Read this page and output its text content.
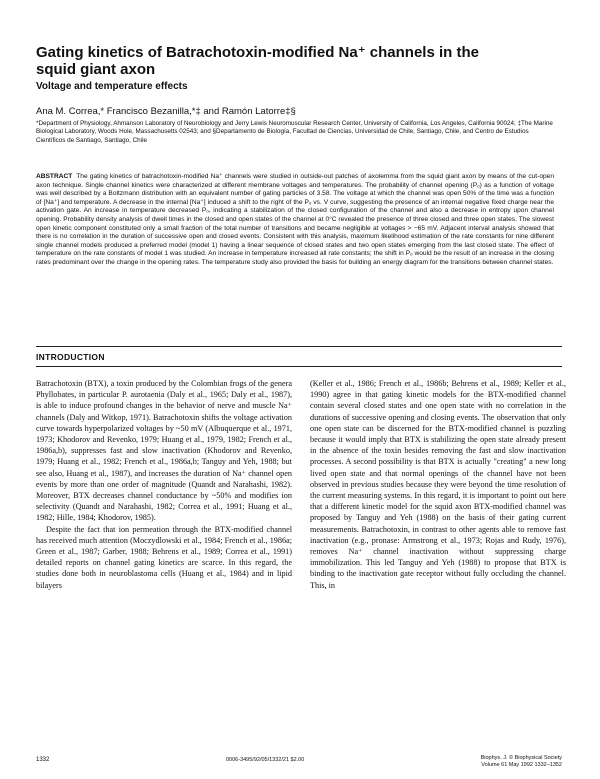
Gating kinetics of Batrachotoxin-modified Na⁺ channels in the squid giant axon
Voltage and temperature effects
Ana M. Correa,* Francisco Bezanilla,*‡ and Ramón Latorre‡§
*Department of Physiology, Ahmanson Laboratory of Neurobiology and Jerry Lewis Neuromuscular Research Center, University of California, Los Angeles, California 90024; ‡The Marine Biological Laboratory, Woods Hole, Massachusetts 02543; and §Departamento de Biología, Facultad de Ciencias, Universidad de Chile, Santiago, Chile, and Centro de Estudios Científicos de Santiago, Santiago, Chile
ABSTRACT The gating kinetics of batrachotoxin-modified Na⁺ channels were studied in outside-out patches of axolemma from the squid giant axon by means of the cut-open axon technique. Single channel kinetics were characterized at different membrane voltages and temperatures. The probability of channel opening (Pₒ) as a function of voltage was well described by a Boltzmann distribution with an equivalent number of gating particles of 3.58. The voltage at which the channel was open 50% of the time was a function of [Na⁺] and temperature. A decrease in the internal [Na⁺] induced a shift to the right of the Pₒ vs. V curve, suggesting the presence of an internal negative fixed charge near the activation gate. An increase in temperature decreased Pₒ, indicating a stabilization of the closed configuration of the channel and also a decrease in entropy upon channel opening. Probability density analysis of dwell times in the closed and open states of the channel at 0°C revealed the presence of three closed and three open states. The slowest open kinetic component constituted only a small fraction of the total number of transitions and became negligible at voltages > −65 mV. Adjacent interval analysis showed that there is no correlation in the duration of successive open and closed events. Consistent with this analysis, maximum likelihood estimation of the rate constants for nine different single channel models produced a preferred model (model 1) having a linear sequence of closed states and two open states emerging from the last closed state. The effect of temperature on the rate constants of model 1 was studied. An increase in temperature increased all rate constants; the shift in Pₒ would be the result of an increase in the closing rates predominant over the change in the opening rates. The temperature study also provided the basis for building an energy diagram for the transitions between channel states.
INTRODUCTION

Batrachotoxin (BTX), a toxin produced by the Colombian frogs of the genera Phyllobates, in particular P. aurotaenia (Daly et al., 1965; Daly et al., 1987), is able to induce profound changes in the behavior of nerve and muscle Na⁺ channels (Daly and Witkop, 1971). Batrachotoxin shifts the voltage activation curve towards hyperpolarized voltages by ~50 mV (Albuquerque et al., 1971, 1973; Khodorov and Revenko, 1979; Huang et al., 1979, 1982; French et al., 1986a,b), suppresses fast and slow inactivation (Khodorov and Revenko, 1979; Huang et al., 1982; French et al., 1986a,b; Tanguy and Yeh, 1988; but see also, Huang et al., 1987), and increases the duration of Na⁺ channel open events by more than one order of magnitude (Quandt and Narahashi, 1982). Moreover, BTX decreases channel conductance by ~50% and modifies ion selectivity (Quandt and Narahashi, 1982; Correa et al., 1991; Huang et al., 1982; Hille, 1984; Khodorov, 1985).

Despite the fact that ion permeation through the BTX-modified channel has received much attention (Moczydlowski et al., 1984; French et al., 1986a; Green et al., 1987; Garber, 1988; Behrens et al., 1989; Correa et al., 1991) detailed reports on channel gating kinetics are scarce. In this regard, the studies done both in neuroblastoma cells (Huang et al., 1984) and in lipid bilayers

(Keller et al., 1986; French et al., 1986b; Behrens et al., 1989; Keller et al., 1990) agree in that gating kinetic models for the BTX-modified channel contain several closed states and one open state with no correlation in the durations of successive opening and closing events. The observation that only one open state can be discerned for the BTX-modified channel is puzzling because it would imply that BTX is stabilizing the open state already present in the absence of the toxin besides removing the fast and slow inactivation processes. A second possibility is that BTX is actually "creating" a new long lived open state and that normal openings of the channel have not been observed in previous studies because they were beyond the time resolution of the current measuring systems. In this regard, it is important to point out here that a different kinetic model for the squid axon BTX-modified channel was proposed by Tanguy and Yeh (1988) on the basis of their gating current measurements. Batrachotoxin, in contrast to other agents able to remove fast inactivation (e.g., pronase: Armstrong et al., 1973; Rojas and Rudy, 1976), removes Na⁺ channel inactivation without suppressing charge immobilization. This led Tanguy and Yeh (1988) to propose that BTX is binding to the inactivation gate receptor without fully occluding the channel. This, in

1332	0006-3495/92/05/1332/21 $2.00	Biophys. J. © Biophysical Society
Volume 61 May 1992 1332–1352
